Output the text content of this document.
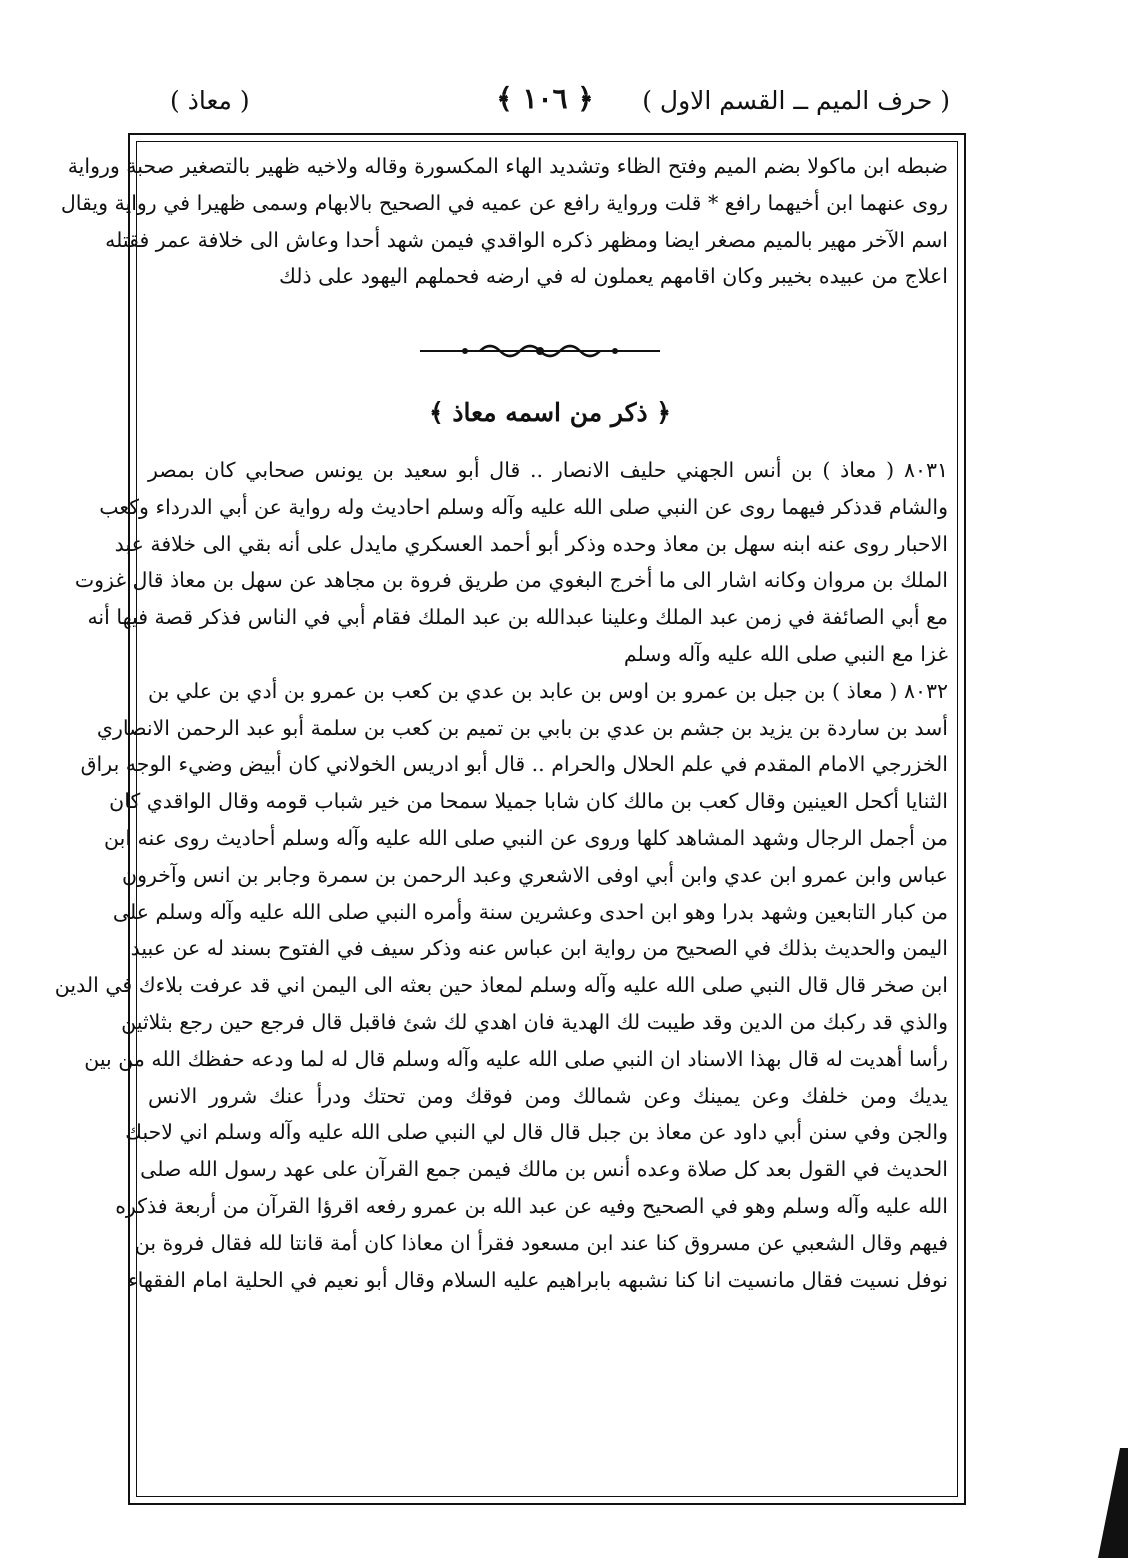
( حرف الميم ــ القسم الاول )
﴿ ١٠٦ ﴾
( معاذ )
ضبطه ابن ماكولا بضم الميم وفتح الظاء وتشديد الهاء المكسورة وقاله ولاخيه ظهير بالتصغير صحبة ورواية
روى عنهما ابن أخيهما رافع * قلت ورواية رافع عن عميه في الصحيح بالابهام وسمى ظهيرا في رواية ويقال
اسم الآخر مهير بالميم مصغر ايضا ومظهر ذكره الواقدي فيمن شهد أحدا وعاش الى خلافة عمر فقتله
اعلاج من عبيده بخيبر وكان اقامهم يعملون له في ارضه فحملهم اليهود على ذلك
﴿ ذكر من اسمه معاذ ﴾
٨٠٣١ ( معاذ ) بن أنس الجهني حليف الانصار .. قال أبو سعيد بن يونس صحابي كان بمصر
والشام قدذكر فيهما روى عن النبي صلى الله عليه وآله وسلم احاديث وله رواية عن أبي الدرداء وكعب
الاحبار روى عنه ابنه سهل بن معاذ وحده وذكر أبو أحمد العسكري مايدل على أنه بقي الى خلافة عبد
الملك بن مروان وكانه اشار الى ما أخرج البغوي من طريق فروة بن مجاهد عن سهل بن معاذ قال غزوت
مع أبي الصائفة في زمن عبد الملك وعلينا عبدالله بن عبد الملك فقام أبي في الناس فذكر قصة فيها أنه
غزا مع النبي صلى الله عليه وآله وسلم
٨٠٣٢ ( معاذ ) بن جبل بن عمرو بن اوس بن عابد بن عدي بن كعب بن عمرو بن أدي بن علي بن
أسد بن ساردة بن يزيد بن جشم بن عدي بن بابي بن تميم بن كعب بن سلمة أبو عبد الرحمن الانصاري
الخزرجي الامام المقدم في علم الحلال والحرام .. قال أبو ادريس الخولاني كان أبيض وضيء الوجه براق
الثنايا أكحل العينين وقال كعب بن مالك كان شابا جميلا سمحا من خير شباب قومه وقال الواقدي كان
من أجمل الرجال وشهد المشاهد كلها وروى عن النبي صلى الله عليه وآله وسلم أحاديث روى عنه ابن
عباس وابن عمرو ابن عدي وابن أبي اوفى الاشعري وعبد الرحمن بن سمرة وجابر بن انس وآخرون
من كبار التابعين وشهد بدرا وهو ابن احدى وعشرين سنة وأمره النبي صلى الله عليه وآله وسلم على
اليمن والحديث بذلك في الصحيح من رواية ابن عباس عنه وذكر سيف في الفتوح بسند له عن عبيد
ابن صخر قال قال النبي صلى الله عليه وآله وسلم لمعاذ حين بعثه الى اليمن اني قد عرفت بلاءك في الدين
والذي قد ركبك من الدين وقد طيبت لك الهدية فان اهدي لك شئ فاقبل قال فرجع حين رجع بثلاثين
رأسا أهديت له قال بهذا الاسناد ان النبي صلى الله عليه وآله وسلم قال له لما ودعه حفظك الله من بين
يديك ومن خلفك وعن يمينك وعن شمالك ومن فوقك ومن تحتك ودرأ عنك شرور الانس
والجن وفي سنن أبي داود عن معاذ بن جبل قال قال لي النبي صلى الله عليه وآله وسلم اني لاحبك
الحديث في القول بعد كل صلاة وعده أنس بن مالك فيمن جمع القرآن على عهد رسول الله صلى
الله عليه وآله وسلم وهو في الصحيح وفيه عن عبد الله بن عمرو رفعه اقرؤا القرآن من أربعة فذكره
فيهم وقال الشعبي عن مسروق كنا عند ابن مسعود فقرأ ان معاذا كان أمة قانتا لله فقال فروة بن
نوفل نسيت فقال مانسيت انا كنا نشبهه بابراهيم عليه السلام وقال أبو نعيم في الحلية امام الفقهاء
